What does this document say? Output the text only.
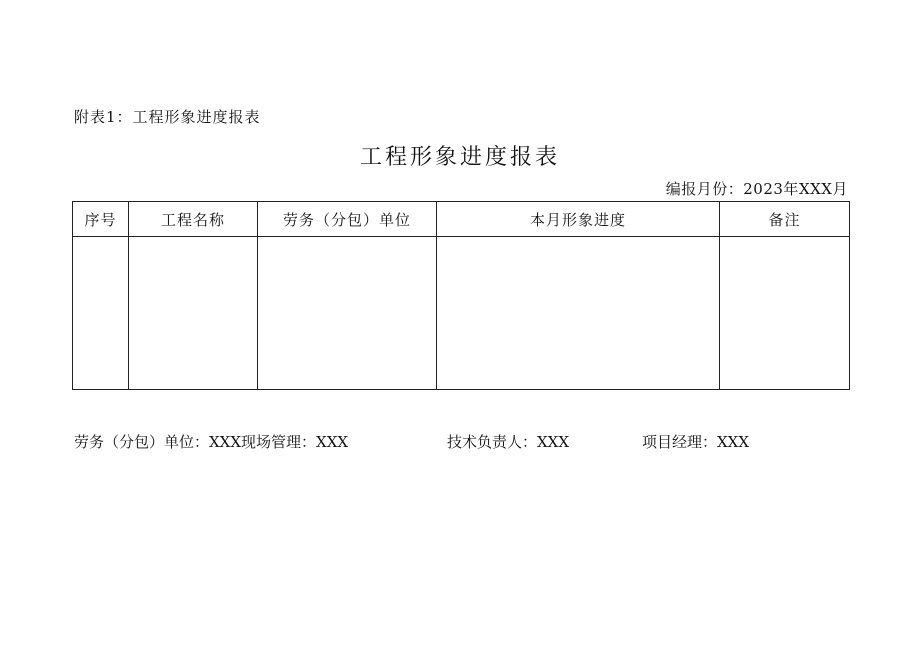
附表1：工程形象进度报表
工程形象进度报表
编报月份：2023年XXX月
序号	工程名称	劳务（分包）单位	本月形象进度	备注

劳务（分包）单位：XXX现场管理：XXX	技术负责人：XXX	项目经理：XXX
